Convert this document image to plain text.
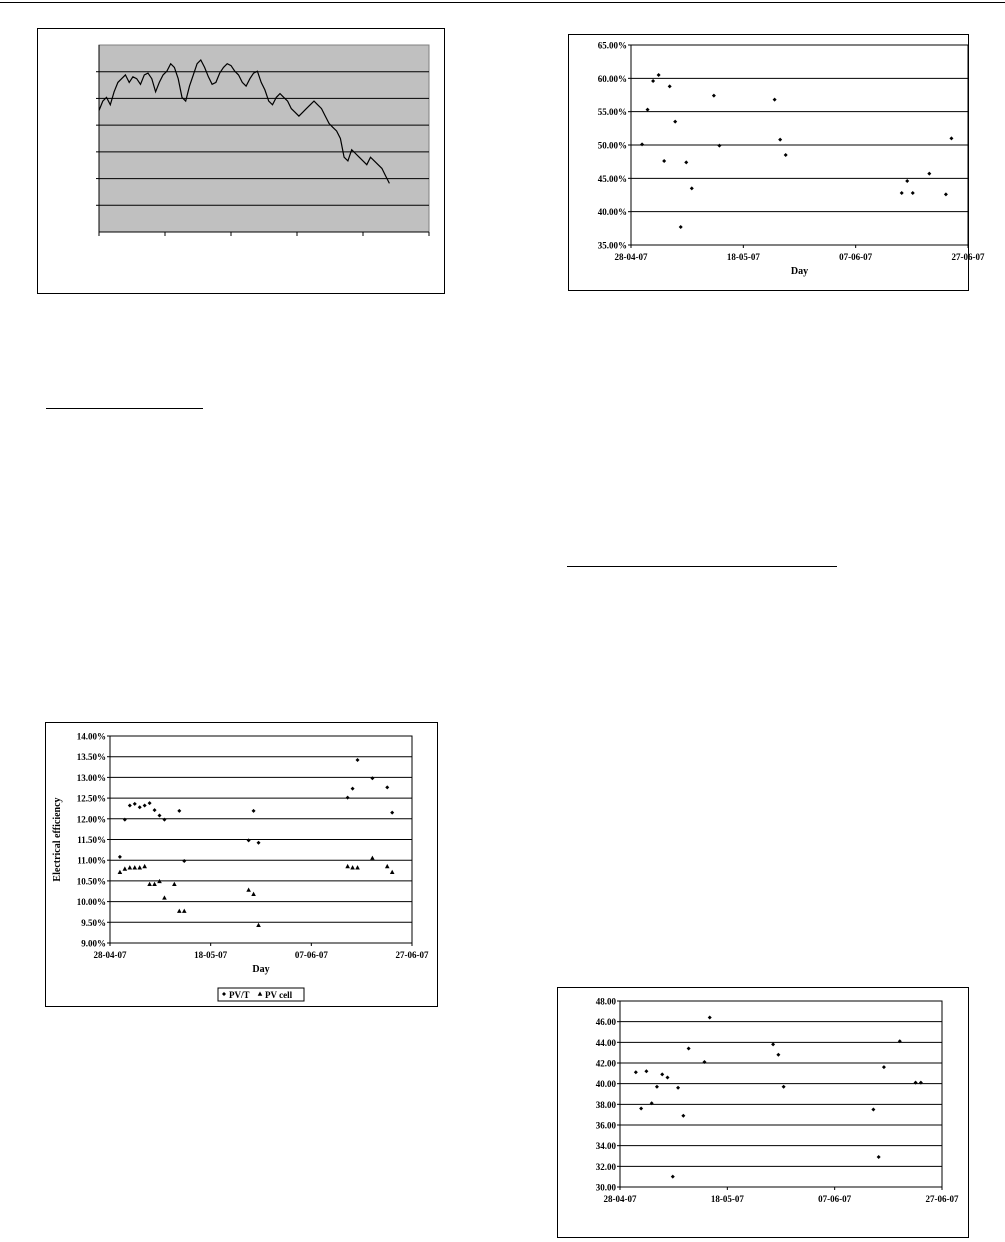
35.00%
40.00%
45.00%
50.00%
55.00%
60.00%
65.00%
28-04-07	18-05-07	07-06-07	27-06-07
Day
9.00%
9.50%
10.00%
10.50%
11.00%
11.50%
12.00%
12.50%
13.00%
13.50%
14.00%
28-04-07	18-05-07	07-06-07	27-06-07
Day
Electrical efficiency
PV/T PV cell
30.00
32.00
34.00
36.00
38.00
40.00
42.00
44.00
46.00
48.00
28-04-07	18-05-07	07-06-07	27-06-07
